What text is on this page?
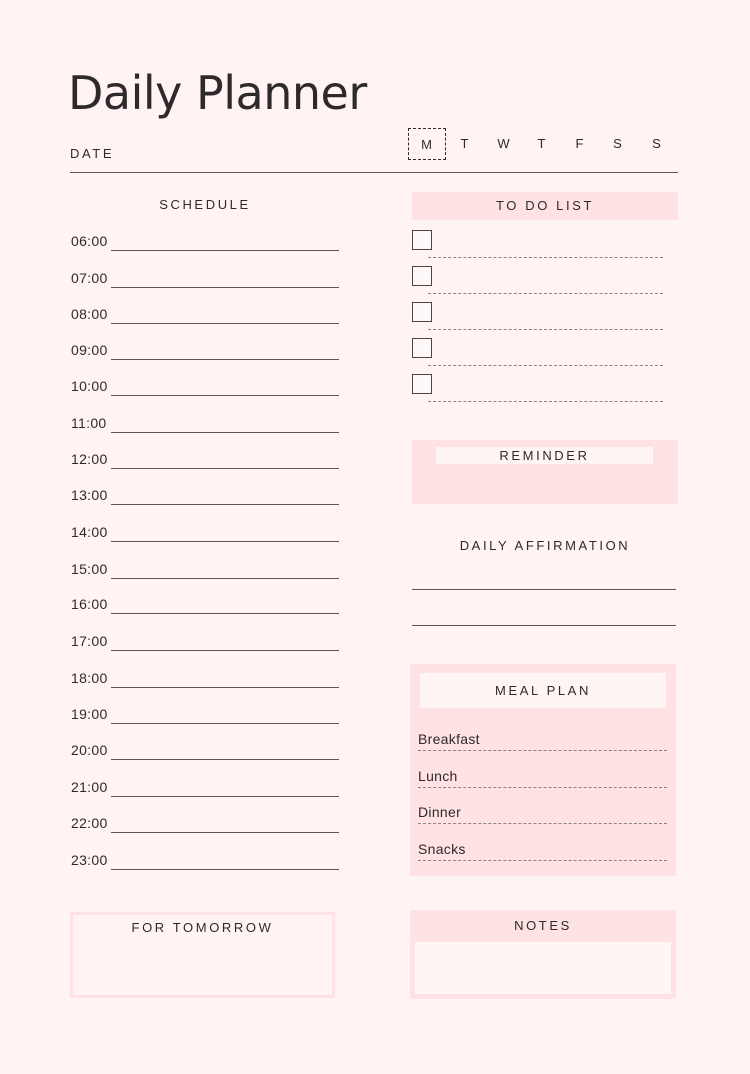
Daily Planner
DATE
M	T	W	T	F	S	S
SCHEDULE
06:00
07:00
08:00
09:00
10:00
11:00
12:00
13:00
14:00
15:00
16:00
17:00
18:00
19:00
20:00
21:00
22:00
23:00
TO DO LIST
REMINDER
DAILY AFFIRMATION
MEAL PLAN
Breakfast
Lunch
Dinner
Snacks
FOR TOMORROW	NOTES
